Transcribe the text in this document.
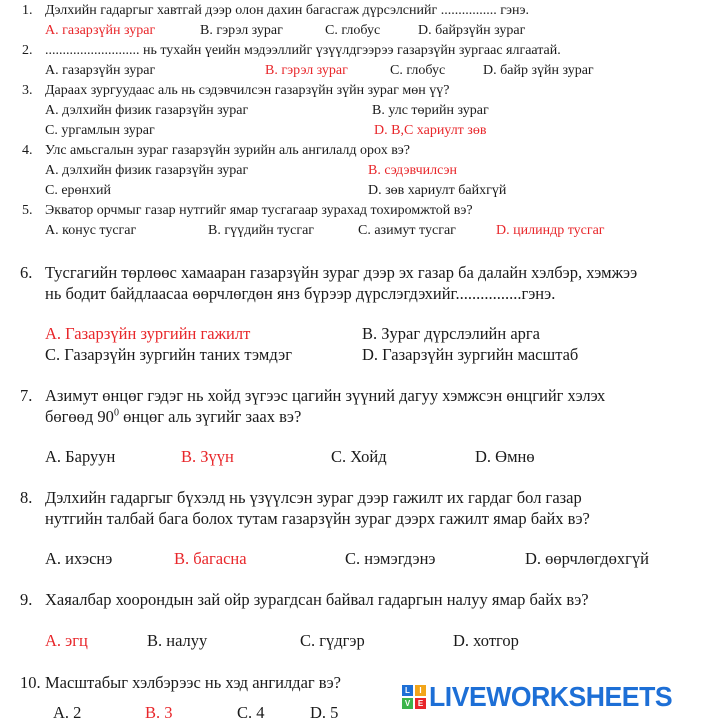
1. Дэлхийн гадаргыг хавтгай дээр олон дахин багасгаж дүрсэлснийг ................ гэнэ.
А. газарзүйн зураг	В. гэрэл зураг	С. глобус	D. байрзүйн зураг
2. ........................... нь тухайн үеийн мэдээллийг үзүүлдгээрээ газарзүйн зургаас ялгаатай.
А. газарзүйн зураг	В. гэрэл зураг	С. глобус	D. байр зүйн зураг
3. Дараах зургуудаас аль нь сэдэвчилсэн газарзүйн зүйн зураг мөн үү?
А. дэлхийн физик газарзүйн зураг	В. улс төрийн зураг
С. ургамлын зураг	D. В,С хариулт зөв
4. Улс амьсгалын зураг газарзүйн зурийн аль ангилалд орох вэ?
А. дэлхийн физик газарзүйн зураг	В. сэдэвчилсэн
С. ерөнхий	D. зөв хариулт байхгүй
5. Экватор орчмыг газар нутгийг ямар тусгагаар зурахад тохиромжтой вэ?
А. конус тусгаг	В. гүүдийн тусгаг	С. азимут тусгаг	D. цилиндр тусгаг
6. Тусгагийн төрлөөс хамааран газарзүйн зураг дээр эх газар ба далайн хэлбэр, хэмжээ
нь бодит байдлаасаа өөрчлөгдөн янз бүрээр дүрслэгдэхийг................гэнэ.
А. Газарзүйн зургийн гажилт	В. Зураг дүрслэлийн арга
С. Газарзүйн зургийн таних тэмдэг	D. Газарзүйн зургийн масштаб
7. Азимут өнцөг гэдэг нь хойд зүгээс цагийн зүүний дагуу хэмжсэн өнцгийг хэлэх
бөгөөд $90^0$ өнцөг аль зүгийг заах вэ?
А. Баруун	В. Зүүн	С. Хойд	D. Өмнө
8. Дэлхийн гадаргыг бүхэлд нь үзүүлсэн зураг дээр гажилт их гардаг бол газар
нутгийн талбай бага болох тутам газарзүйн зураг дээрх гажилт ямар байх вэ?
А. ихэснэ	В. багасна	С. нэмэгдэнэ	D. өөрчлөгдөхгүй
9. Хаяалбар хоорондын зай ойр зурагдсан байвал гадаргын налуу ямар байх вэ?
А. эгц	В. налуу	С. гүдгэр	D. хотгор
10. Масштабыг хэлбэрээс нь хэд ангилдаг вэ?
А. 2	В. 3	С. 4	D. 5
L	I
V E LIVEWORKSHEETS
